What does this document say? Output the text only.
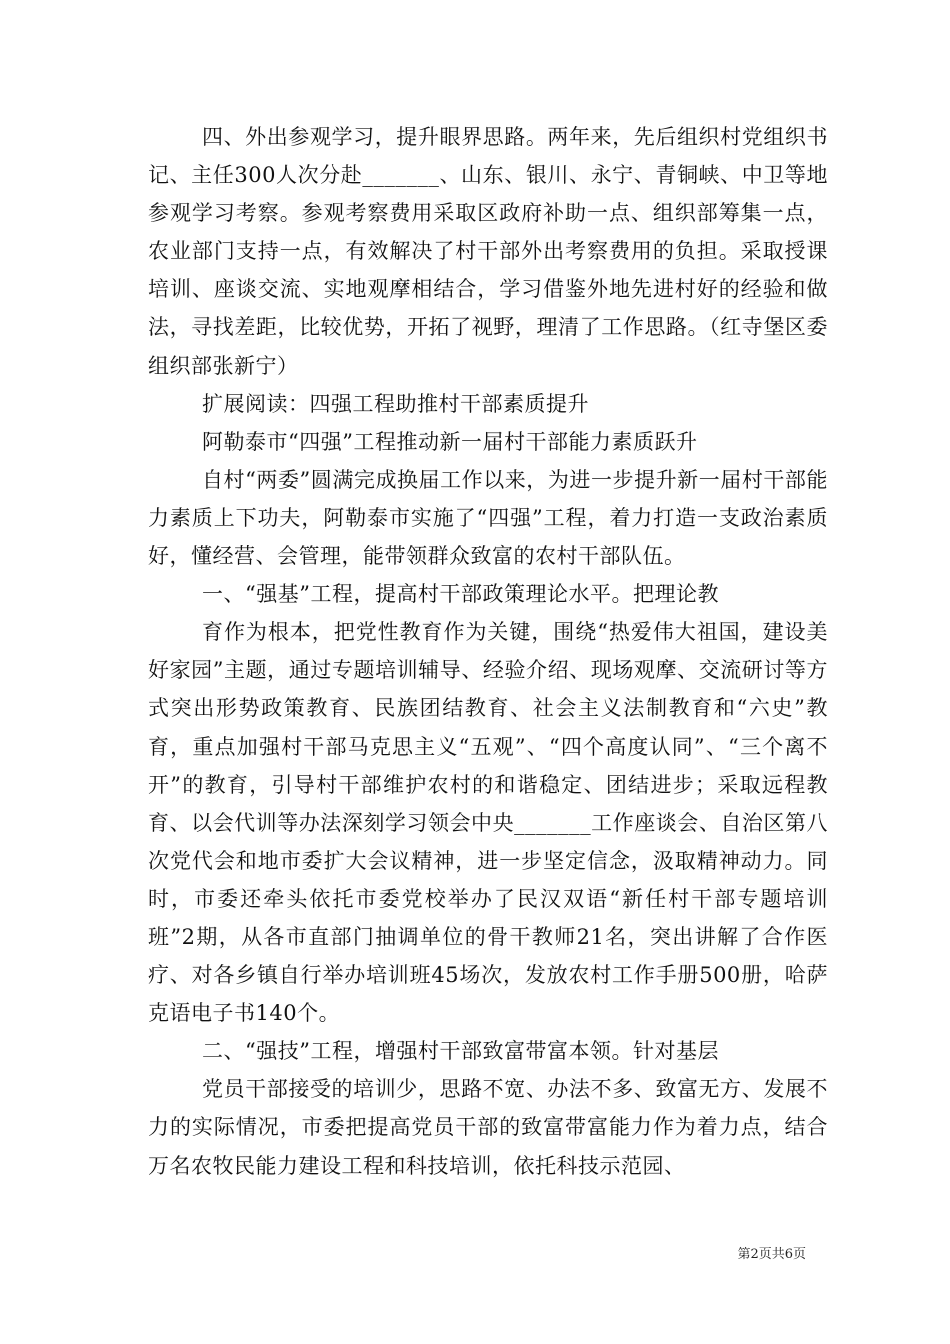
四、外出参观学习，提升眼界思路。两年来，先后组织村党组织书记、主任300人次分赴_______、山东、银川、永宁、青铜峡、中卫等地参观学习考察。参观考察费用采取区政府补助一点、组织部筹集一点，农业部门支持一点，有效解决了村干部外出考察费用的负担。采取授课培训、座谈交流、实地观摩相结合，学习借鉴外地先进村好的经验和做法，寻找差距，比较优势，开拓了视野，理清了工作思路。（红寺堡区委组织部张新宁）

扩展阅读：四强工程助推村干部素质提升

阿勒泰市“四强”工程推动新一届村干部能力素质跃升

自村“两委”圆满完成换届工作以来，为进一步提升新一届村干部能力素质上下功夫，阿勒泰市实施了“四强”工程，着力打造一支政治素质好，懂经营、会管理，能带领群众致富的农村干部队伍。

一、“强基”工程，提高村干部政策理论水平。把理论教

育作为根本，把党性教育作为关键，围绕“热爱伟大祖国，建设美好家园”主题，通过专题培训辅导、经验介绍、现场观摩、交流研讨等方式突出形势政策教育、民族团结教育、社会主义法制教育和“六史”教育，重点加强村干部马克思主义“五观”、“四个高度认同”、“三个离不开”的教育，引导村干部维护农村的和谐稳定、团结进步；采取远程教育、以会代训等办法深刻学习领会中央_______工作座谈会、自治区第八次党代会和地市委扩大会议精神，进一步坚定信念，汲取精神动力。同时，市委还牵头依托市委党校举办了民汉双语“新任村干部专题培训班”2期，从各市直部门抽调单位的骨干教师21名，突出讲解了合作医疗、对各乡镇自行举办培训班45场次，发放农村工作手册500册，哈萨克语电子书140个。

二、“强技”工程，增强村干部致富带富本领。针对基层

党员干部接受的培训少，思路不宽、办法不多、致富无方、发展不力的实际情况，市委把提高党员干部的致富带富能力作为着力点，结合万名农牧民能力建设工程和科技培训，依托科技示范园、

第2页共6页
